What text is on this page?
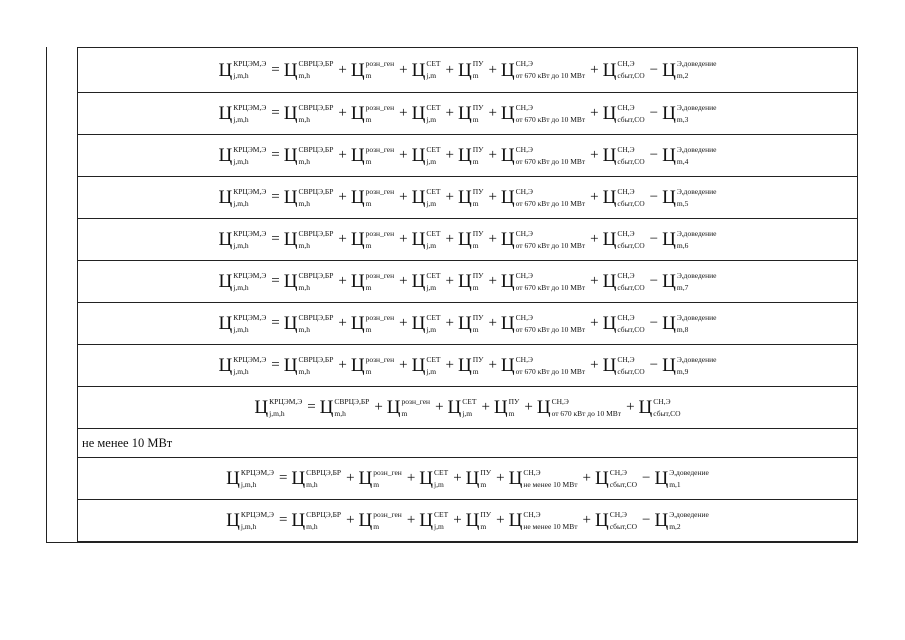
Ц КРЦЭМ,Э
j,m,h	= Ц СВРЦЭ,БР
m,h	+ Ц розн_ген
m	+ Ц СЕТ
j,m + Ц ПУ
m + Ц СН,Э
от 670 кВт до 10 МВт + Ц СН,Э
сбыт,СО − Ц Э,доведение
m,2
Ц КРЦЭМ,Э
j,m,h	= Ц СВРЦЭ,БР
m,h	+ Ц розн_ген
m	+ Ц СЕТ
j,m + Ц ПУ
m + Ц СН,Э
от 670 кВт до 10 МВт + Ц СН,Э
сбыт,СО − Ц Э,доведение
m,3
Ц КРЦЭМ,Э
j,m,h	= Ц СВРЦЭ,БР
m,h	+ Ц розн_ген
m	+ Ц СЕТ
j,m + Ц ПУ
m + Ц СН,Э
от 670 кВт до 10 МВт + Ц СН,Э
сбыт,СО − Ц Э,доведение
m,4
Ц КРЦЭМ,Э
j,m,h	= Ц СВРЦЭ,БР
m,h	+ Ц розн_ген
m	+ Ц СЕТ
j,m + Ц ПУ
m + Ц СН,Э
от 670 кВт до 10 МВт + Ц СН,Э
сбыт,СО − Ц Э,доведение
m,5
Ц КРЦЭМ,Э
j,m,h	= Ц СВРЦЭ,БР
m,h	+ Ц розн_ген
m	+ Ц СЕТ
j,m + Ц ПУ
m + Ц СН,Э
от 670 кВт до 10 МВт + Ц СН,Э
сбыт,СО − Ц Э,доведение
m,6
Ц КРЦЭМ,Э
j,m,h	= Ц СВРЦЭ,БР
m,h	+ Ц розн_ген
m	+ Ц СЕТ
j,m + Ц ПУ
m + Ц СН,Э
от 670 кВт до 10 МВт + Ц СН,Э
сбыт,СО − Ц Э,доведение
m,7
Ц КРЦЭМ,Э
j,m,h	= Ц СВРЦЭ,БР
m,h	+ Ц розн_ген
m	+ Ц СЕТ
j,m + Ц ПУ
m + Ц СН,Э
от 670 кВт до 10 МВт + Ц СН,Э
сбыт,СО − Ц Э,доведение
m,8
Ц КРЦЭМ,Э
j,m,h	= Ц СВРЦЭ,БР
m,h	+ Ц розн_ген
m	+ Ц СЕТ
j,m + Ц ПУ
m + Ц СН,Э
от 670 кВт до 10 МВт + Ц СН,Э
сбыт,СО − Ц Э,доведение
m,9
Ц КРЦЭМ,Э
j,m,h	= Ц СВРЦЭ,БР
m,h	+ Ц розн_ген
m	+ Ц СЕТ
j,m + Ц ПУ
m + Ц СН,Э
от 670 кВт до 10 МВт + Ц СН,Э
сбыт,СО
не менее 10 МВт
Ц КРЦЭМ,Э
j,m,h	= Ц СВРЦЭ,БР
m,h	+ Ц розн_ген
m	+ Ц СЕТ
j,m + Ц ПУ
m + Ц СН,Э
не менее 10 МВт + Ц СН,Э
сбыт,СО − Ц Э,доведение
m,1
Ц КРЦЭМ,Э
j,m,h	= Ц СВРЦЭ,БР
m,h	+ Ц розн_ген
m	+ Ц СЕТ
j,m + Ц ПУ
m + Ц СН,Э
не менее 10 МВт + Ц СН,Э
сбыт,СО − Ц Э,доведение
m,2
